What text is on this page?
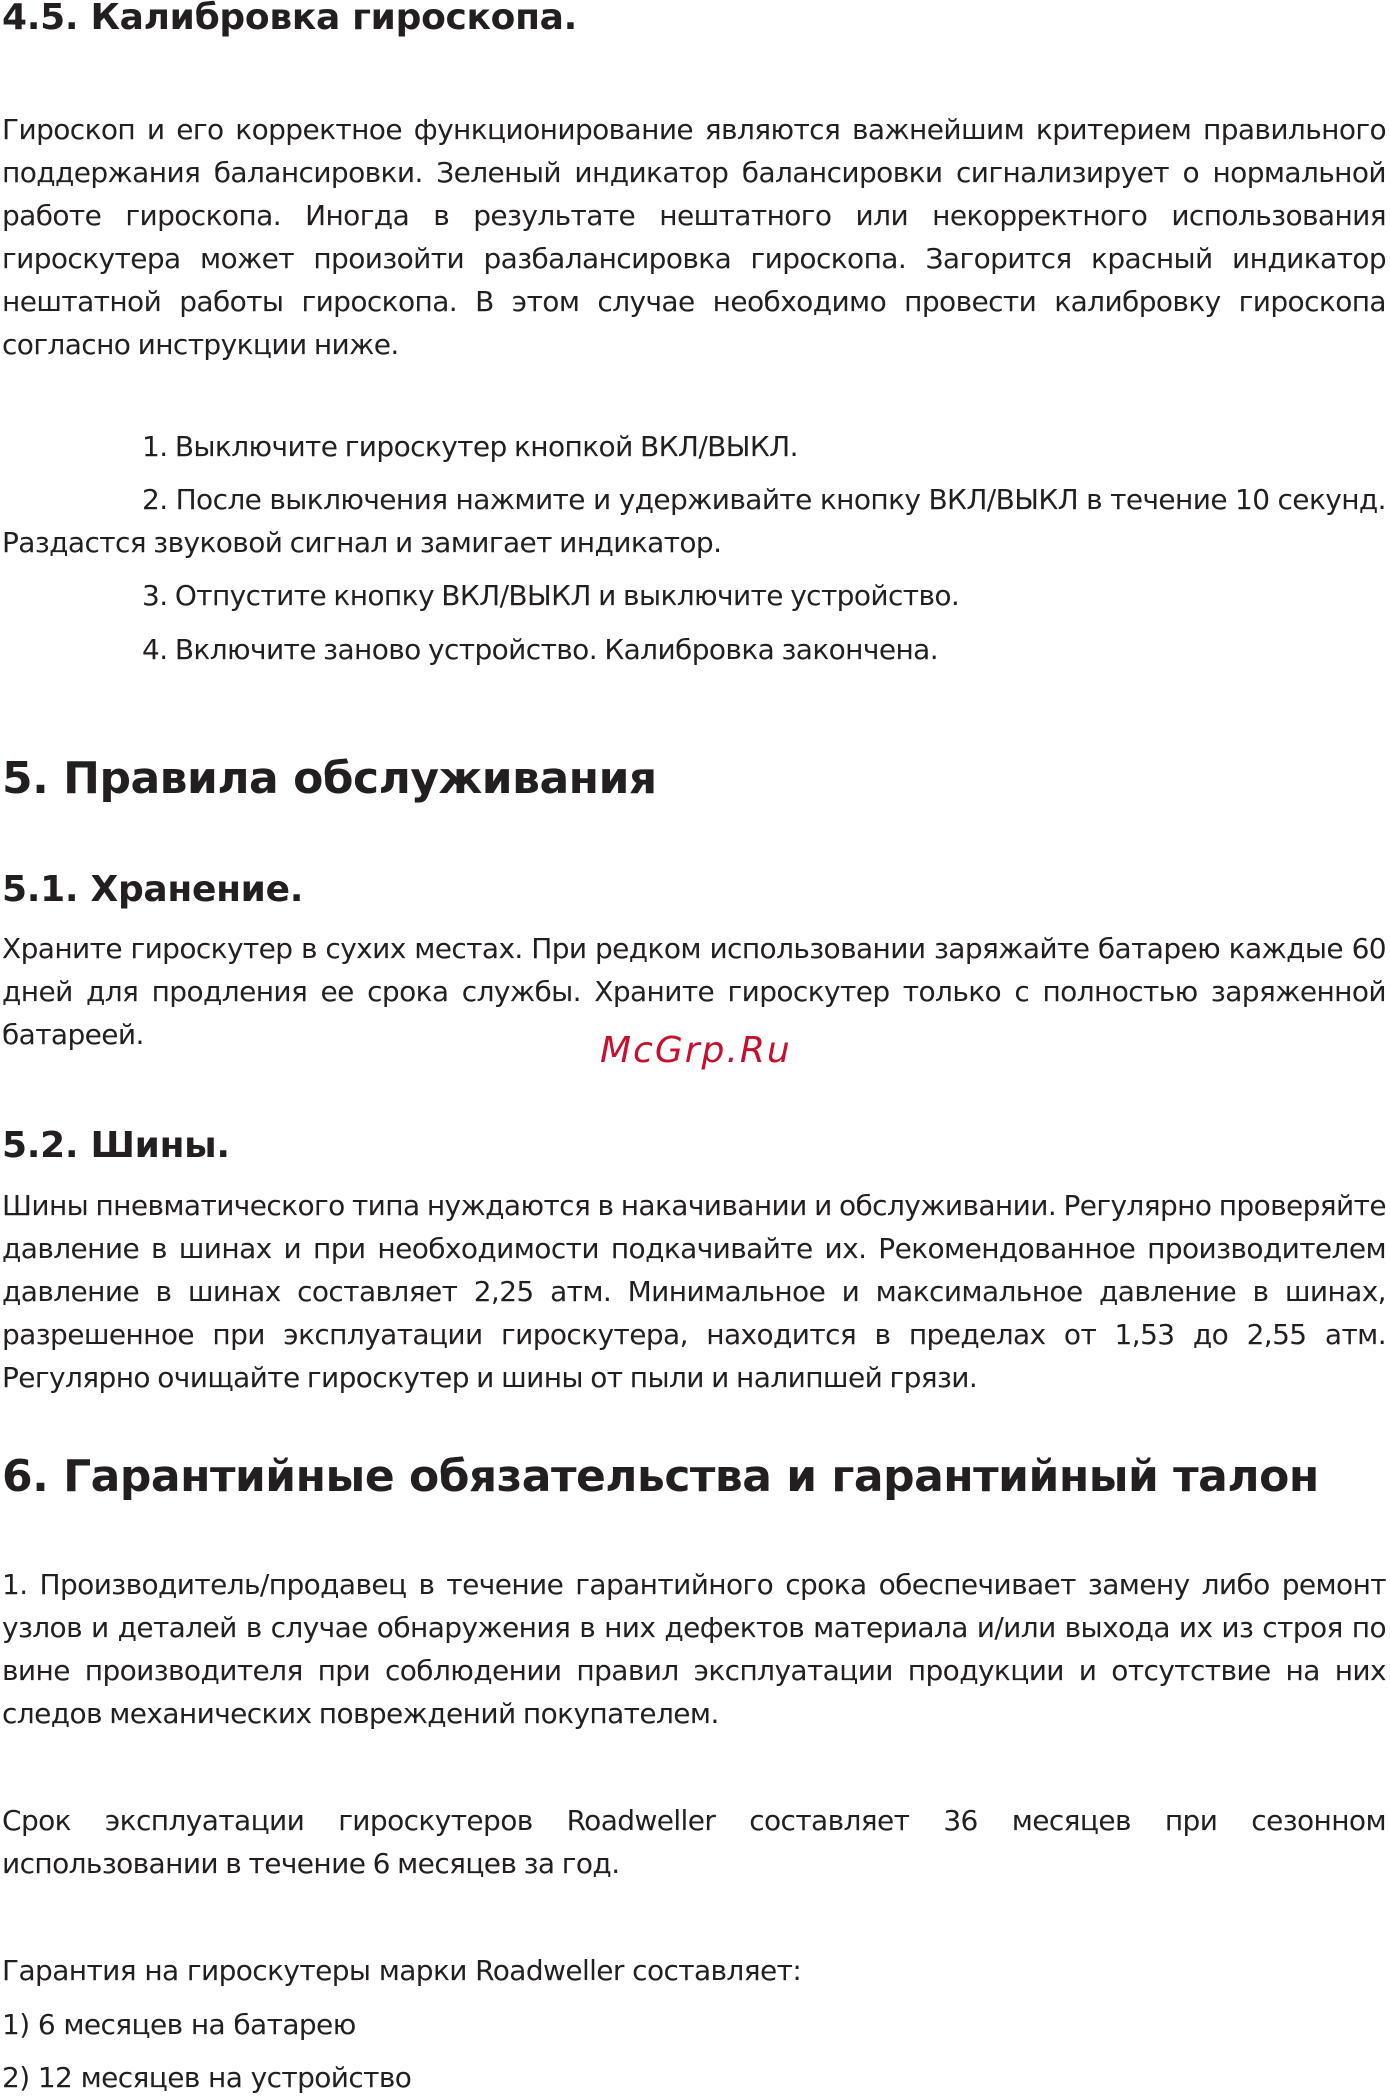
4.5. Калибровка гироскопа.

Гироскоп и его корректное функционирование являются важнейшим критерием правильного поддержания балансировки. Зеленый индикатор балансировки сигнализирует о нормальной работе гироскопа. Иногда в результате нештатного или некорректного использования гироскутера может произойти разбалансировка гироскопа. Загорится красный индикатор нештатной работы гироскопа. В этом случае необходимо провести калибровку гироскопа согласно инструкции ниже.

1. Выключите гироскутер кнопкой ВКЛ/ВЫКЛ.

2. После выключения нажмите и удерживайте кнопку ВКЛ/ВЫКЛ в течение 10 секунд. Раздастся звуковой сигнал и замигает индикатор.

3. Отпустите кнопку ВКЛ/ВЫКЛ и выключите устройство.

4. Включите заново устройство. Калибровка закончена.

5. Правила обслуживания
5.1. Хранение.

Храните гироскутер в сухих местах. При редком использовании заряжайте батарею каждые 60 дней для продления ее срока службы. Храните гироскутер только с полностью заряженной батареей.	McGrp.Ru
5.2. Шины.

Шины пневматического типа нуждаются в накачивании и обслуживании. Регулярно проверяйте давление в шинах и при необходимости подкачивайте их. Рекомендованное производителем давление в шинах составляет 2,25 атм. Минимальное и максимальное давление в шинах, разрешенное при эксплуатации гироскутера, находится в пределах от 1,53 до 2,55 атм. Регулярно очищайте гироскутер и шины от пыли и налипшей грязи.

6. Гарантийные обязательства и гарантийный талон

1. Производитель/продавец в течение гарантийного срока обеспечивает замену либо ремонт узлов и деталей в случае обнаружения в них дефектов материала и/или выхода их из строя по вине производителя при соблюдении правил эксплуатации продукции и отсутствие на них следов механических повреждений покупателем.

Срок эксплуатации гироскутеров Roadweller составляет 36 месяцев при сезонном использовании в течение 6 месяцев за год.

Гарантия на гироскутеры марки Roadweller составляет:

1) 6 месяцев на батарею

2) 12 месяцев на устройство
